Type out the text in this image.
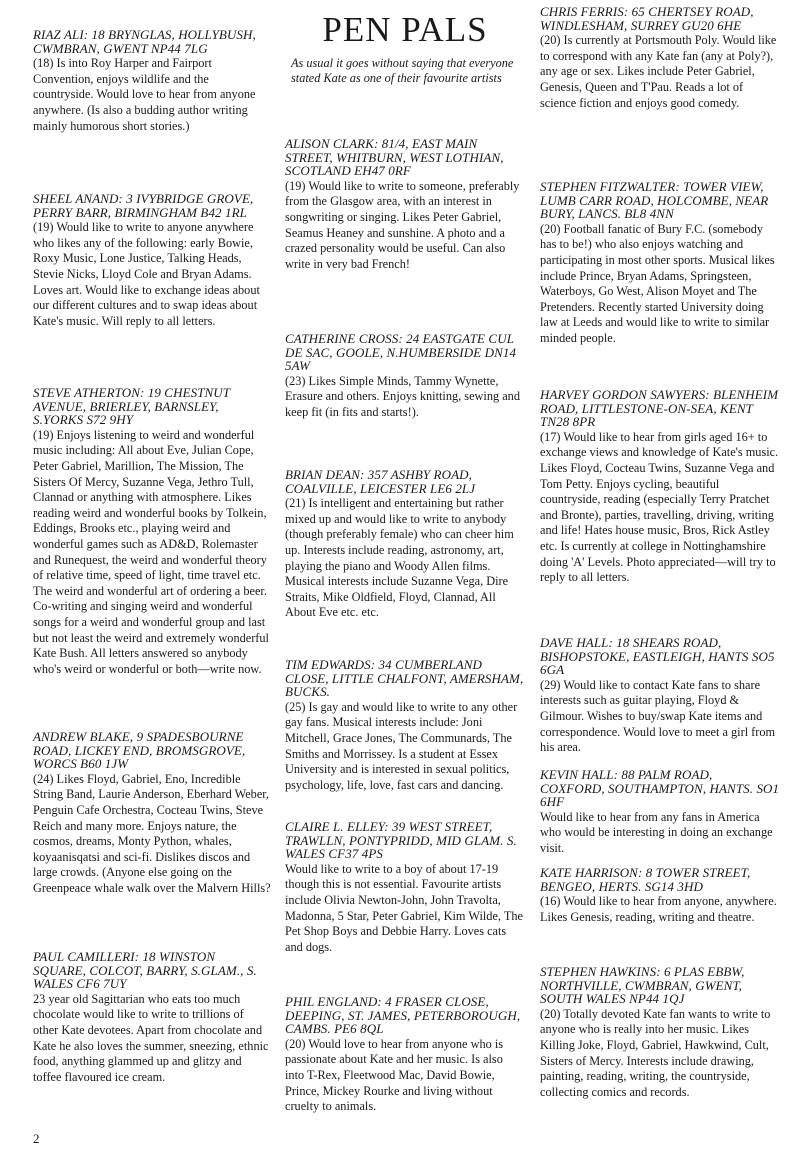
RIAZ ALI: 18 BRYNGLAS, HOLLYBUSH, CWMBRAN, GWENT NP44 7LG
(18) Is into Roy Harper and Fairport Convention, enjoys wildlife and the countryside. Would love to hear from anyone anywhere. (Is also a budding author writing mainly humorous short stories.)
SHEEL ANAND: 3 IVYBRIDGE GROVE, PERRY BARR, BIRMINGHAM B42 1RL
(19) Would like to write to anyone anywhere who likes any of the following: early Bowie, Roxy Music, Lone Justice, Talking Heads, Stevie Nicks, Lloyd Cole and Bryan Adams. Loves art. Would like to exchange ideas about our different cultures and to swap ideas about Kate's music. Will reply to all letters.
STEVE ATHERTON: 19 CHESTNUT AVENUE, BRIERLEY, BARNSLEY, S.YORKS S72 9HY
(19) Enjoys listening to weird and wonderful music including: All about Eve, Julian Cope, Peter Gabriel, Marillion, The Mission, The Sisters Of Mercy, Suzanne Vega, Jethro Tull, Clannad or anything with atmosphere. Likes reading weird and wonderful books by Tolkein, Eddings, Brooks etc., playing weird and wonderful games such as AD&D, Rolemaster and Runequest, the weird and wonderful theory of relative time, speed of light, time travel etc. The weird and wonderful art of ordering a beer. Co-writing and singing weird and wonderful songs for a weird and wonderful group and last but not least the weird and extremely wonderful Kate Bush. All letters answered so anybody who's weird or wonderful or both—write now.
ANDREW BLAKE, 9 SPADESBOURNE ROAD, LICKEY END, BROMSGROVE, WORCS B60 1JW
(24) Likes Floyd, Gabriel, Eno, Incredible String Band, Laurie Anderson, Eberhard Weber, Penguin Cafe Orchestra, Cocteau Twins, Steve Reich and many more. Enjoys nature, the cosmos, dreams, Monty Python, whales, koyaanisqatsi and sci-fi. Dislikes discos and large crowds. (Anyone else going on the Greenpeace whale walk over the Malvern Hills?
PAUL CAMILLERI: 18 WINSTON SQUARE, COLCOT, BARRY, S.GLAM., S. WALES CF6 7UY
23 year old Sagittarian who eats too much chocolate would like to write to trillions of other Kate devotees. Apart from chocolate and Kate he also loves the summer, sneezing, ethnic food, anything glammed up and glitzy and toffee flavoured ice cream.
PEN PALS
As usual it goes without saying that everyone stated Kate as one of their favourite artists
ALISON CLARK: 81/4, EAST MAIN STREET, WHITBURN, WEST LOTHIAN, SCOTLAND EH47 0RF
(19) Would like to write to someone, preferably from the Glasgow area, with an interest in songwriting or singing. Likes Peter Gabriel, Seamus Heaney and sunshine. A photo and a crazed personality would be useful. Can also write in very bad French!
CATHERINE CROSS: 24 EASTGATE CUL DE SAC, GOOLE, N.HUMBERSIDE DN14 5AW
(23) Likes Simple Minds, Tammy Wynette, Erasure and others. Enjoys knitting, sewing and keep fit (in fits and starts!).
BRIAN DEAN: 357 ASHBY ROAD, COALVILLE, LEICESTER LE6 2LJ
(21) Is intelligent and entertaining but rather mixed up and would like to write to anybody (though preferably female) who can cheer him up. Interests include reading, astronomy, art, playing the piano and Woody Allen films. Musical interests include Suzanne Vega, Dire Straits, Mike Oldfield, Floyd, Clannad, All About Eve etc. etc.
TIM EDWARDS: 34 CUMBERLAND CLOSE, LITTLE CHALFONT, AMERSHAM, BUCKS.
(25) Is gay and would like to write to any other gay fans. Musical interests include: Joni Mitchell, Grace Jones, The Communards, The Smiths and Morrissey. Is a student at Essex University and is interested in sexual politics, psychology, life, love, fast cars and dancing.
CLAIRE L. ELLEY: 39 WEST STREET, TRAWLLN, PONTYPRIDD, MID GLAM. S. WALES CF37 4PS
Would like to write to a boy of about 17-19 though this is not essential. Favourite artists include Olivia Newton-John, John Travolta, Madonna, 5 Star, Peter Gabriel, Kim Wilde, The Pet Shop Boys and Debbie Harry. Loves cats and dogs.
PHIL ENGLAND: 4 FRASER CLOSE, DEEPING, ST. JAMES, PETERBOROUGH, CAMBS. PE6 8QL
(20) Would love to hear from anyone who is passionate about Kate and her music. Is also into T-Rex, Fleetwood Mac, David Bowie, Prince, Mickey Rourke and living without cruelty to animals.
CHRIS FERRIS: 65 CHERTSEY ROAD, WINDLESHAM, SURREY GU20 6HE
(20) Is currently at Portsmouth Poly. Would like to correspond with any Kate fan (any at Poly?), any age or sex. Likes include Peter Gabriel, Genesis, Queen and T'Pau. Reads a lot of science fiction and enjoys good comedy.
STEPHEN FITZWALTER: TOWER VIEW, LUMB CARR ROAD, HOLCOMBE, NEAR BURY, LANCS. BL8 4NN
(20) Football fanatic of Bury F.C. (somebody has to be!) who also enjoys watching and participating in most other sports. Musical likes include Prince, Bryan Adams, Springsteen, Waterboys, Go West, Alison Moyet and The Pretenders. Recently started University doing law at Leeds and would like to write to similar minded people.
HARVEY GORDON SAWYERS: BLENHEIM ROAD, LITTLESTONE-ON-SEA, KENT TN28 8PR
(17) Would like to hear from girls aged 16+ to exchange views and knowledge of Kate's music. Likes Floyd, Cocteau Twins, Suzanne Vega and Tom Petty. Enjoys cycling, beautiful countryside, reading (especially Terry Pratchet and Bronte), parties, travelling, driving, writing and life! Hates house music, Bros, Rick Astley etc. Is currently at college in Nottinghamshire doing 'A' Levels. Photo appreciated—will try to reply to all letters.
DAVE HALL: 18 SHEARS ROAD, BISHOPSTOKE, EASTLEIGH, HANTS SO5 6GA
(29) Would like to contact Kate fans to share interests such as guitar playing, Floyd & Gilmour. Wishes to buy/swap Kate items and correspondence. Would love to meet a girl from his area.
KEVIN HALL: 88 PALM ROAD, COXFORD, SOUTHAMPTON, HANTS. SO1 6HF
Would like to hear from any fans in America who would be interesting in doing an exchange visit.
KATE HARRISON: 8 TOWER STREET, BENGEO, HERTS. SG14 3HD
(16) Would like to hear from anyone, anywhere. Likes Genesis, reading, writing and theatre.
STEPHEN HAWKINS: 6 PLAS EBBW, NORTHVILLE, CWMBRAN, GWENT, SOUTH WALES NP44 1QJ
(20) Totally devoted Kate fan wants to write to anyone who is really into her music. Likes Killing Joke, Floyd, Gabriel, Hawkwind, Cult, Sisters of Mercy. Interests include drawing, painting, reading, writing, the countryside, collecting comics and records.
2
